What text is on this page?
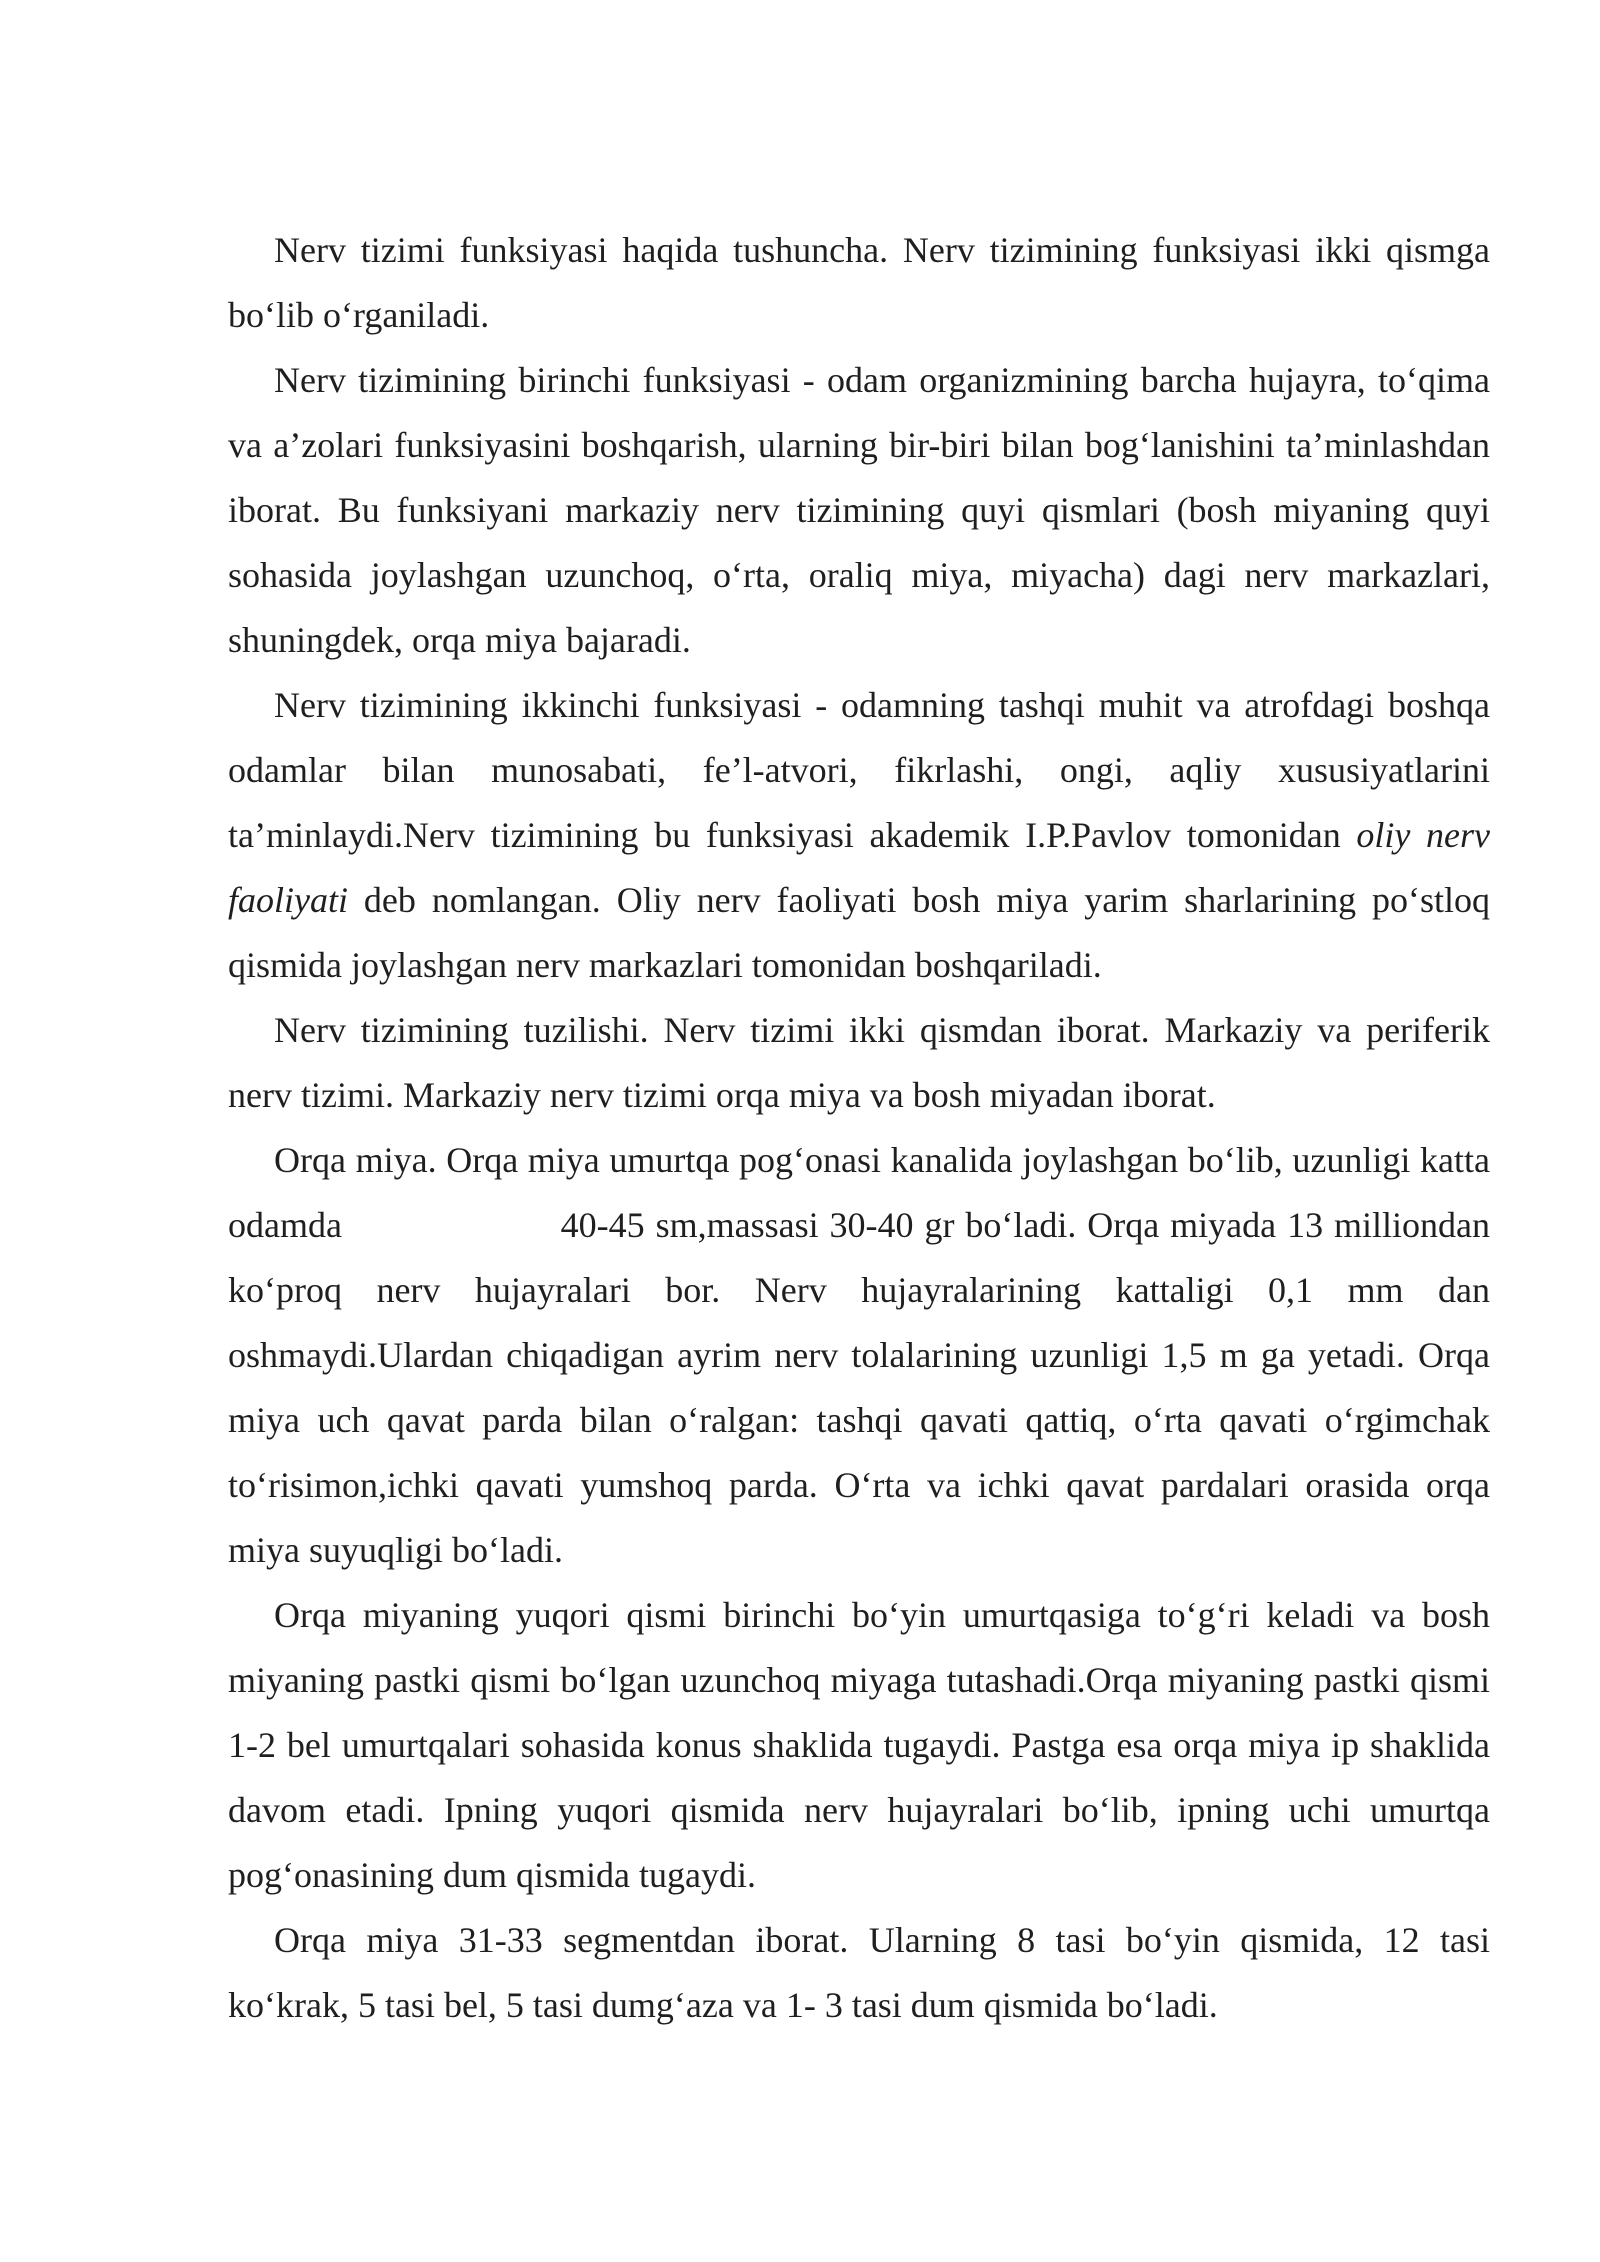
Nerv tizimi funksiyasi haqida tushuncha. Nerv tizimining funksiyasi ikki qismga bo‘lib o‘rganiladi.

Nerv tizimining birinchi funksiyasi - odam organizmining barcha hujayra, to‘qima va a’zolari funksiyasini boshqarish, ularning bir-biri bilan bog‘lanishini ta’minlashdan iborat. Bu funksiyani markaziy nerv tizimining quyi qismlari (bosh miyaning quyi sohasida joylashgan uzunchoq, o‘rta, oraliq miya, miyacha) dagi nerv markazlari, shuningdek, orqa miya bajaradi.

Nerv tizimining ikkinchi funksiyasi - odamning tashqi muhit va atrofdagi boshqa odamlar bilan munosabati, fe’l-atvori, fikrlashi, ongi, aqliy xususiyatlarini ta’minlaydi.Nerv tizimining bu funksiyasi akademik I.P.Pavlov tomonidan oliy nerv faoliyati deb nomlangan. Oliy nerv faoliyati bosh miya yarim sharlarining po‘stloq qismida joylashgan nerv markazlari tomonidan boshqariladi.

Nerv tizimining tuzilishi. Nerv tizimi ikki qismdan iborat. Markaziy va periferik nerv tizimi. Markaziy nerv tizimi orqa miya va bosh miyadan iborat.

Orqa miya. Orqa miya umurtqa pog‘onasi kanalida joylashgan bo‘lib, uzunligi katta odamda                    40-45 sm,massasi 30-40 gr bo‘ladi. Orqa miyada 13 milliondan ko‘proq nerv hujayralari bor. Nerv hujayralarining kattaligi 0,1 mm dan oshmaydi.Ulardan chiqadigan ayrim nerv tolalarining uzunligi 1,5 m ga yetadi. Orqa miya uch qavat parda bilan o‘ralgan: tashqi qavati qattiq, o‘rta qavati o‘rgimchak to‘risimon,ichki qavati yumshoq parda. O‘rta va ichki qavat pardalari orasida orqa miya suyuqligi bo‘ladi.

Orqa miyaning yuqori qismi birinchi bo‘yin umurtqasiga to‘g‘ri keladi va bosh miyaning pastki qismi bo‘lgan uzunchoq miyaga tutashadi.Orqa miyaning pastki qismi 1-2 bel umurtqalari sohasida konus shaklida tugaydi. Pastga esa orqa miya ip shaklida davom etadi. Ipning yuqori qismida nerv hujayralari bo‘lib, ipning uchi umurtqa pog‘onasining dum qismida tugaydi.

Orqa miya 31-33 segmentdan iborat. Ularning 8 tasi bo‘yin qismida, 12 tasi ko‘krak, 5 tasi bel, 5 tasi dumg‘aza va 1- 3 tasi dum qismida bo‘ladi.
